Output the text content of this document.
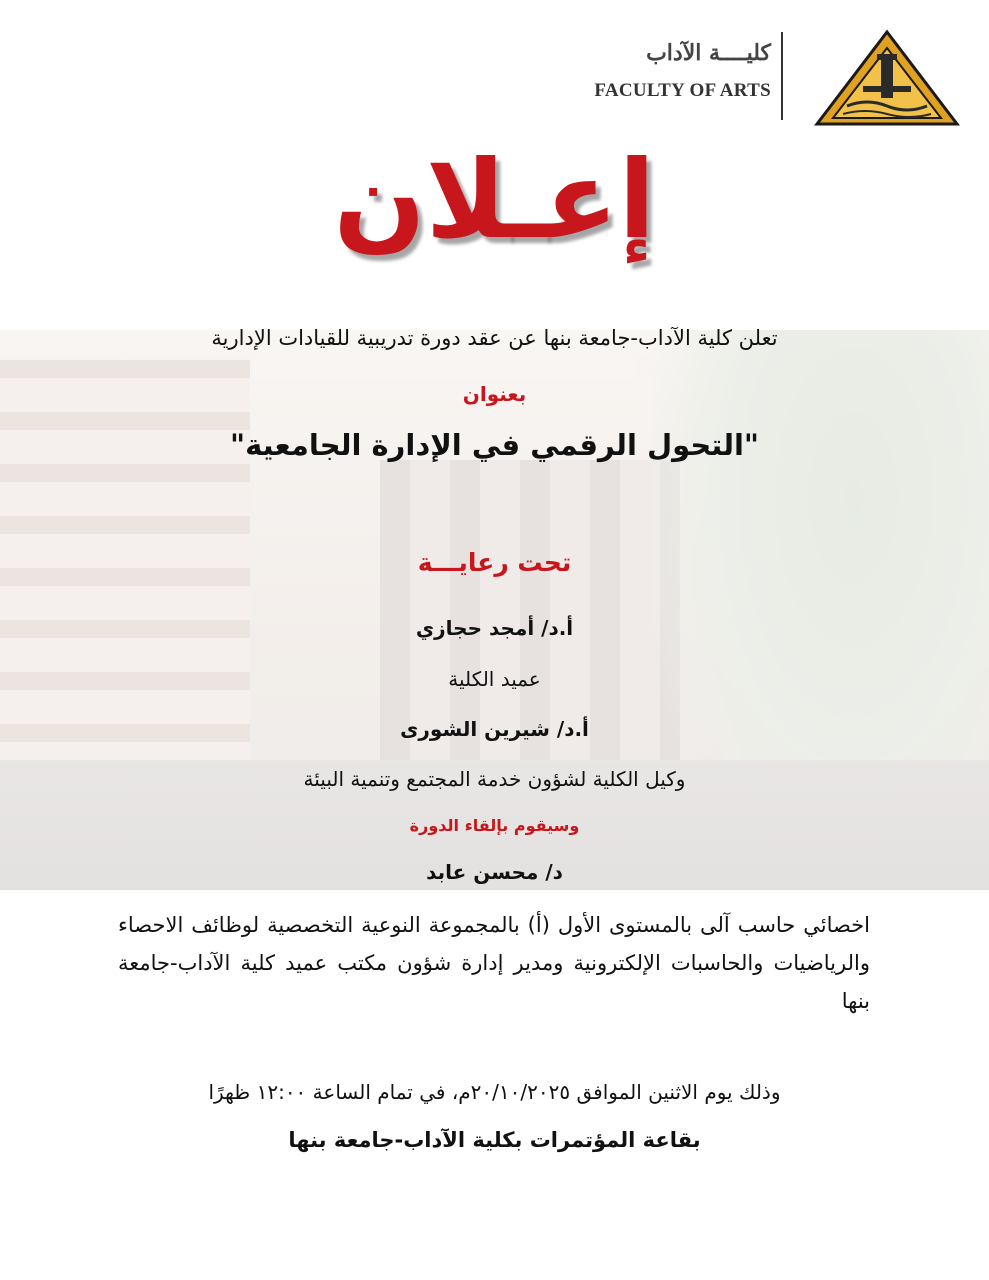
كليــــة الآداب
FACULTY OF ARTS
إعـلان
تعلن كلية الآداب-جامعة بنها عن عقد دورة تدريبية للقيادات الإدارية
بعنوان
"التحول الرقمي في الإدارة الجامعية"
تحت رعايـــة
أ.د/ أمجد حجازي
عميد الكلية
أ.د/ شيرين الشورى
وكيل الكلية لشؤون خدمة المجتمع وتنمية البيئة
وسيقوم بإلقاء الدورة
د/ محسن عابد
اخصائي حاسب آلى بالمستوى الأول (أ) بالمجموعة النوعية التخصصية لوظائف الاحصاء والرياضيات والحاسبات الإلكترونية ومدير إدارة شؤون مكتب عميد كلية الآداب-جامعة بنها
وذلك يوم الاثنين الموافق ٢٠/١٠/٢٠٢٥م، في تمام الساعة ١٢:٠٠ ظهرًا
بقاعة المؤتمرات بكلية الآداب-جامعة بنها
